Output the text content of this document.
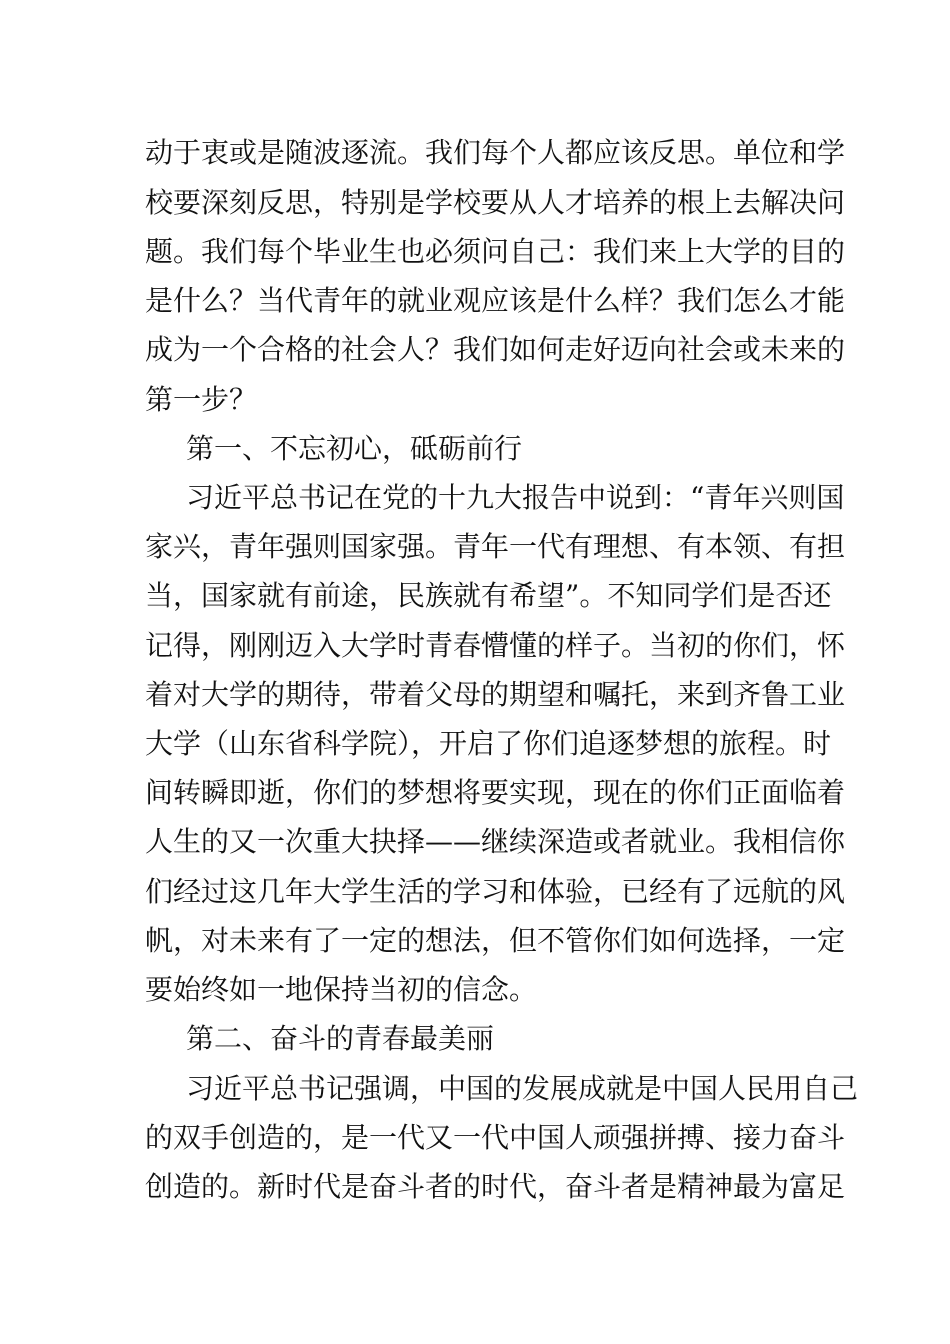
动于衷或是随波逐流。我们每个人都应该反思。单位和学
校要深刻反思，特别是学校要从人才培养的根上去解决问
题。我们每个毕业生也必须问自己：我们来上大学的目的
是什么？当代青年的就业观应该是什么样？我们怎么才能
成为一个合格的社会人？我们如何走好迈向社会或未来的
第一步？
第一、不忘初心，砥砺前行
习近平总书记在党的十九大报告中说到：“青年兴则国
家兴，青年强则国家强。青年一代有理想、有本领、有担
当，国家就有前途，民族就有希望”。不知同学们是否还
记得，刚刚迈入大学时青春懵懂的样子。当初的你们，怀
着对大学的期待，带着父母的期望和嘱托，来到齐鲁工业
大学（山东省科学院），开启了你们追逐梦想的旅程。时
间转瞬即逝，你们的梦想将要实现，现在的你们正面临着
人生的又一次重大抉择——继续深造或者就业。我相信你
们经过这几年大学生活的学习和体验，已经有了远航的风
帆，对未来有了一定的想法，但不管你们如何选择，一定
要始终如一地保持当初的信念。
第二、奋斗的青春最美丽
习近平总书记强调，中国的发展成就是中国人民用自己
的双手创造的，是一代又一代中国人顽强拼搏、接力奋斗
创造的。新时代是奋斗者的时代，奋斗者是精神最为富足
